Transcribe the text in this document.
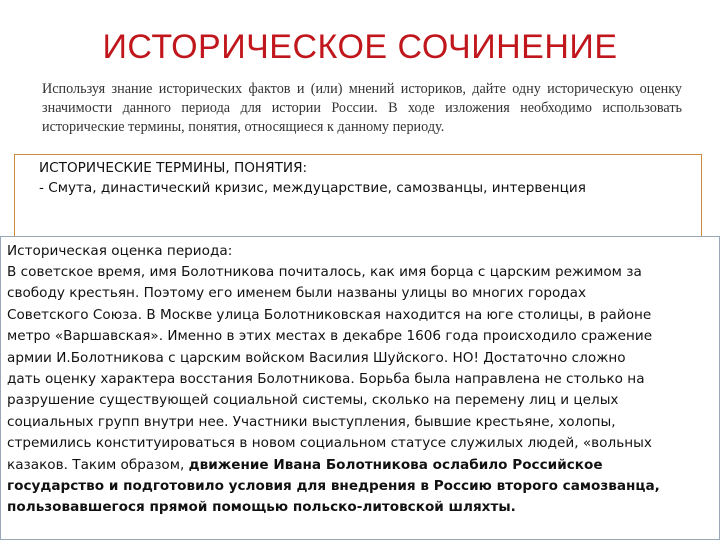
ИСТОРИЧЕСКОЕ СОЧИНЕНИЕ

Используя знание исторических фактов и (или) мнений историков, дайте одну историческую оценку значимости данного периода для истории России. В ходе изложения необходимо использовать исторические термины, понятия, относящиеся к данному периоду.

ИСТОРИЧЕСКИЕ ТЕРМИНЫ, ПОНЯТИЯ:

- Смута, династический кризис, междуцарствие, самозванцы, интервенция

Историческая оценка периода:

В советское время, имя Болотникова почиталось, как имя борца с царским режимом за
свободу крестьян. Поэтому его именем были названы улицы во многих городах
Советского Союза. В Москве улица Болотниковская находится на юге столицы, в районе
метро «Варшавская». Именно в этих местах в декабре 1606 года происходило сражение
армии И.Болотникова с царским войском Василия Шуйского. НО! Достаточно сложно
дать оценку характера восстания Болотникова. Борьба была направлена не столько на
разрушение существующей социальной системы, сколько на перемену лиц и целых
социальных групп внутри нее. Участники выступления, бывшие крестьяне, холопы,
стремились конституироваться в новом социальном статусе служилых людей, «вольных
казаков. Таким образом, движение Ивана Болотникова ослабило Российское
государство и подготовило условия для внедрения в Россию второго самозванца,
пользовавшегося прямой помощью польско-литовской шляхты.
